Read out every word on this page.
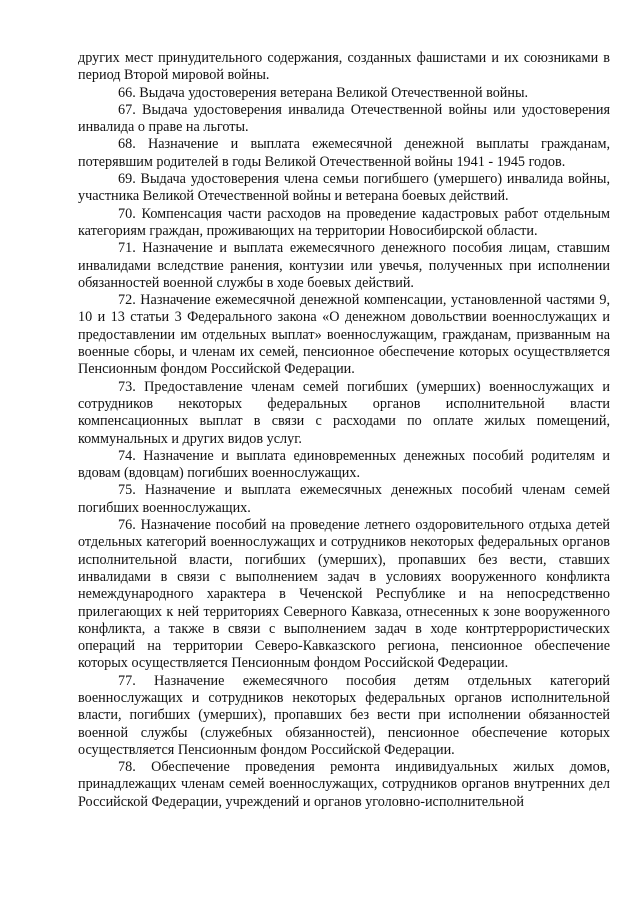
других мест принудительного содержания, созданных фашистами и их союзниками в период Второй мировой войны.

66. Выдача удостоверения ветерана Великой Отечественной войны.

67. Выдача удостоверения инвалида Отечественной войны или удостоверения инвалида о праве на льготы.

68. Назначение и выплата ежемесячной денежной выплаты гражданам, потерявшим родителей в годы Великой Отечественной войны 1941 - 1945 годов.

69. Выдача удостоверения члена семьи погибшего (умершего) инвалида войны, участника Великой Отечественной войны и ветерана боевых действий.

70. Компенсация части расходов на проведение кадастровых работ отдельным категориям граждан, проживающих на территории Новосибирской области.

71. Назначение и выплата ежемесячного денежного пособия лицам, ставшим инвалидами вследствие ранения, контузии или увечья, полученных при исполнении обязанностей военной службы в ходе боевых действий.

72. Назначение ежемесячной денежной компенсации, установленной частями 9, 10 и 13 статьи 3 Федерального закона «О денежном довольствии военнослужащих и предоставлении им отдельных выплат» военнослужащим, гражданам, призванным на военные сборы, и членам их семей, пенсионное обеспечение которых осуществляется Пенсионным фондом Российской Федерации.

73. Предоставление членам семей погибших (умерших) военнослужащих и сотрудников некоторых федеральных органов исполнительной власти компенсационных выплат в связи с расходами по оплате жилых помещений, коммунальных и других видов услуг.

74. Назначение и выплата единовременных денежных пособий родителям и вдовам (вдовцам) погибших военнослужащих.

75. Назначение и выплата ежемесячных денежных пособий членам семей погибших военнослужащих.

76. Назначение пособий на проведение летнего оздоровительного отдыха детей отдельных категорий военнослужащих и сотрудников некоторых федеральных органов исполнительной власти, погибших (умерших), пропавших без вести, ставших инвалидами в связи с выполнением задач в условиях вооруженного конфликта немеждународного характера в Чеченской Республике и на непосредственно прилегающих к ней территориях Северного Кавказа, отнесенных к зоне вооруженного конфликта, а также в связи с выполнением задач в ходе контртеррористических операций на территории Северо-Кавказского региона, пенсионное обеспечение которых осуществляется Пенсионным фондом Российской Федерации.

77. Назначение ежемесячного пособия детям отдельных категорий военнослужащих и сотрудников некоторых федеральных органов исполнительной власти, погибших (умерших), пропавших без вести при исполнении обязанностей военной службы (служебных обязанностей), пенсионное обеспечение которых осуществляется Пенсионным фондом Российской Федерации.

78. Обеспечение проведения ремонта индивидуальных жилых домов, принадлежащих членам семей военнослужащих, сотрудников органов внутренних дел Российской Федерации, учреждений и органов уголовно-исполнительной
